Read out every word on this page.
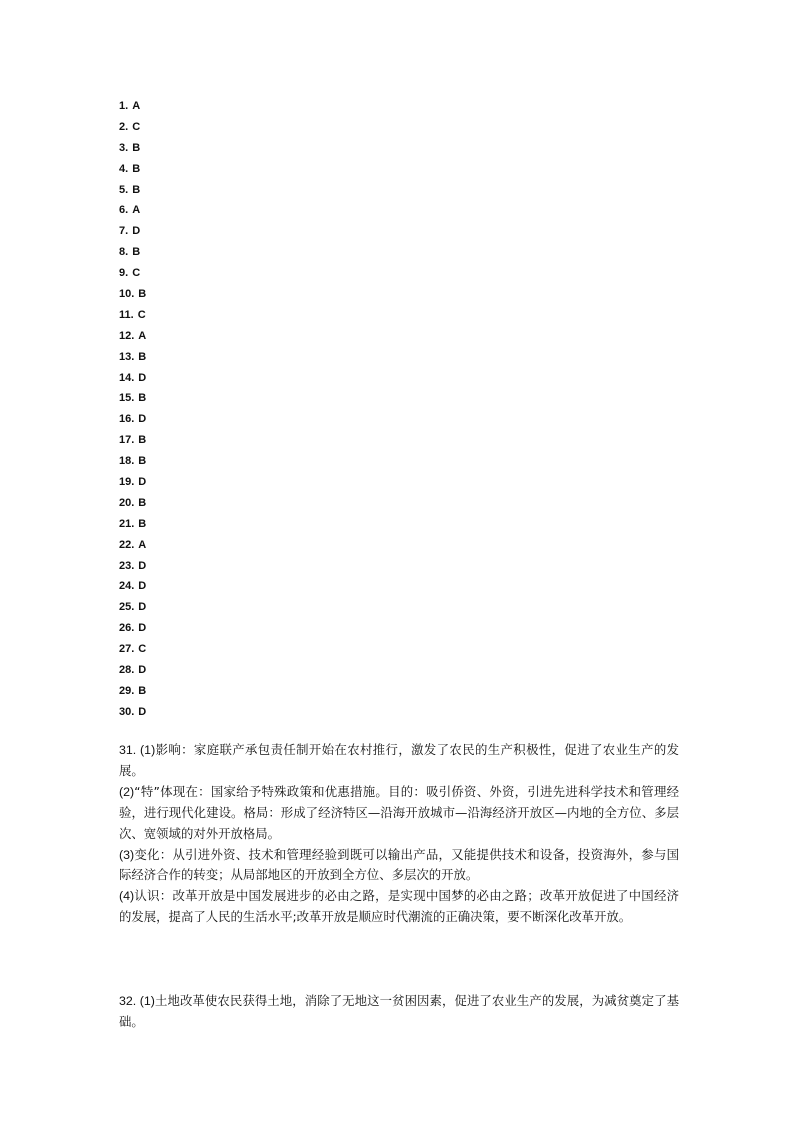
1. A
2. C
3. B
4. B
5. B
6. A
7. D
8. B
9. C
10. B
11. C
12. A
13. B
14. D
15. B
16. D
17. B
18. B
19. D
20. B
21. B
22. A
23. D
24. D
25. D
26. D
27. C
28. D
29. B
30. D

31. (1)影响：家庭联产承包责任制开始在农村推行，激发了农民的生产积极性，促进了农业生产的发展。

(2)“特”体现在：国家给予特殊政策和优惠措施。目的：吸引侨资、外资，引进先进科学技术和管理经验，进行现代化建设。格局：形成了经济特区—沿海开放城市—沿海经济开放区—内地的全方位、多层次、宽领域的对外开放格局。

(3)变化：从引进外资、技术和管理经验到既可以输出产品，又能提供技术和设备，投资海外，参与国际经济合作的转变；从局部地区的开放到全方位、多层次的开放。

(4)认识：改革开放是中国发展进步的必由之路，是实现中国梦的必由之路；改革开放促进了中国经济的发展，提高了人民的生活水平;改革开放是顺应时代潮流的正确决策，要不断深化改革开放。

32. (1)土地改革使农民获得土地，消除了无地这一贫困因素，促进了农业生产的发展，为减贫奠定了基础。
